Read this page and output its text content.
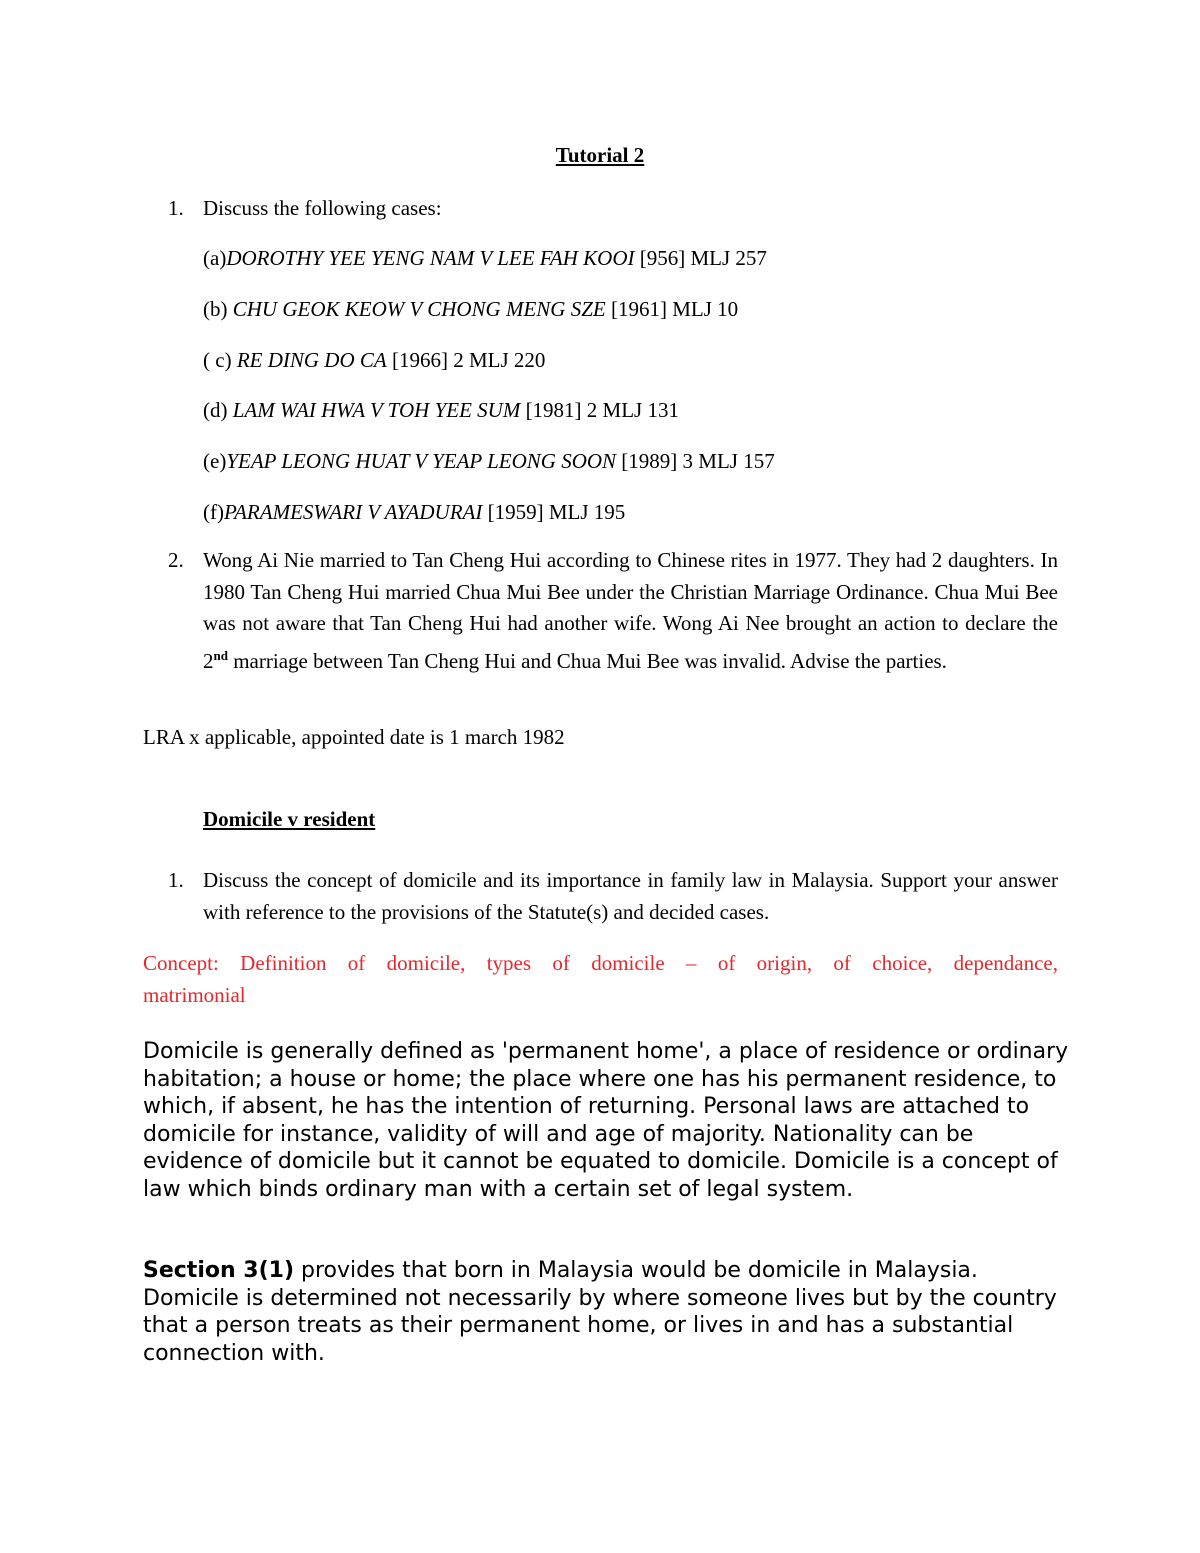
Tutorial 2
1. Discuss the following cases:
(a)DOROTHY YEE YENG NAM V LEE FAH KOOI [956] MLJ 257
(b) CHU GEOK KEOW V CHONG MENG SZE [1961] MLJ 10
( c) RE DING DO CA [1966] 2 MLJ 220
(d) LAM WAI HWA V TOH YEE SUM [1981] 2 MLJ 131
(e)YEAP LEONG HUAT V YEAP LEONG SOON [1989] 3 MLJ 157
(f)PARAMESWARI V AYADURAI [1959] MLJ 195
2. Wong Ai Nie married to Tan Cheng Hui according to Chinese rites in 1977. They had 2 daughters. In 1980 Tan Cheng Hui married Chua Mui Bee under the Christian Marriage Ordinance. Chua Mui Bee was not aware that Tan Cheng Hui had another wife. Wong Ai Nee brought an action to declare the 2nd marriage between Tan Cheng Hui and Chua Mui Bee was invalid. Advise the parties.
LRA x applicable, appointed date is 1 march 1982
Domicile v resident
1. Discuss the concept of domicile and its importance in family law in Malaysia. Support your answer with reference to the provisions of the Statute(s) and decided cases.
Concept: Definition of domicile, types of domicile – of origin, of choice, dependance,
matrimonial
Domicile is generally defined as 'permanent home', a place of residence or ordinary habitation; a house or home; the place where one has his permanent residence, to which, if absent, he has the intention of returning. Personal laws are attached to domicile for instance, validity of will and age of majority. Nationality can be evidence of domicile but it cannot be equated to domicile. Domicile is a concept of law which binds ordinary man with a certain set of legal system.
Section 3(1) provides that born in Malaysia would be domicile in Malaysia. Domicile is determined not necessarily by where someone lives but by the country that a person treats as their permanent home, or lives in and has a substantial connection with.
